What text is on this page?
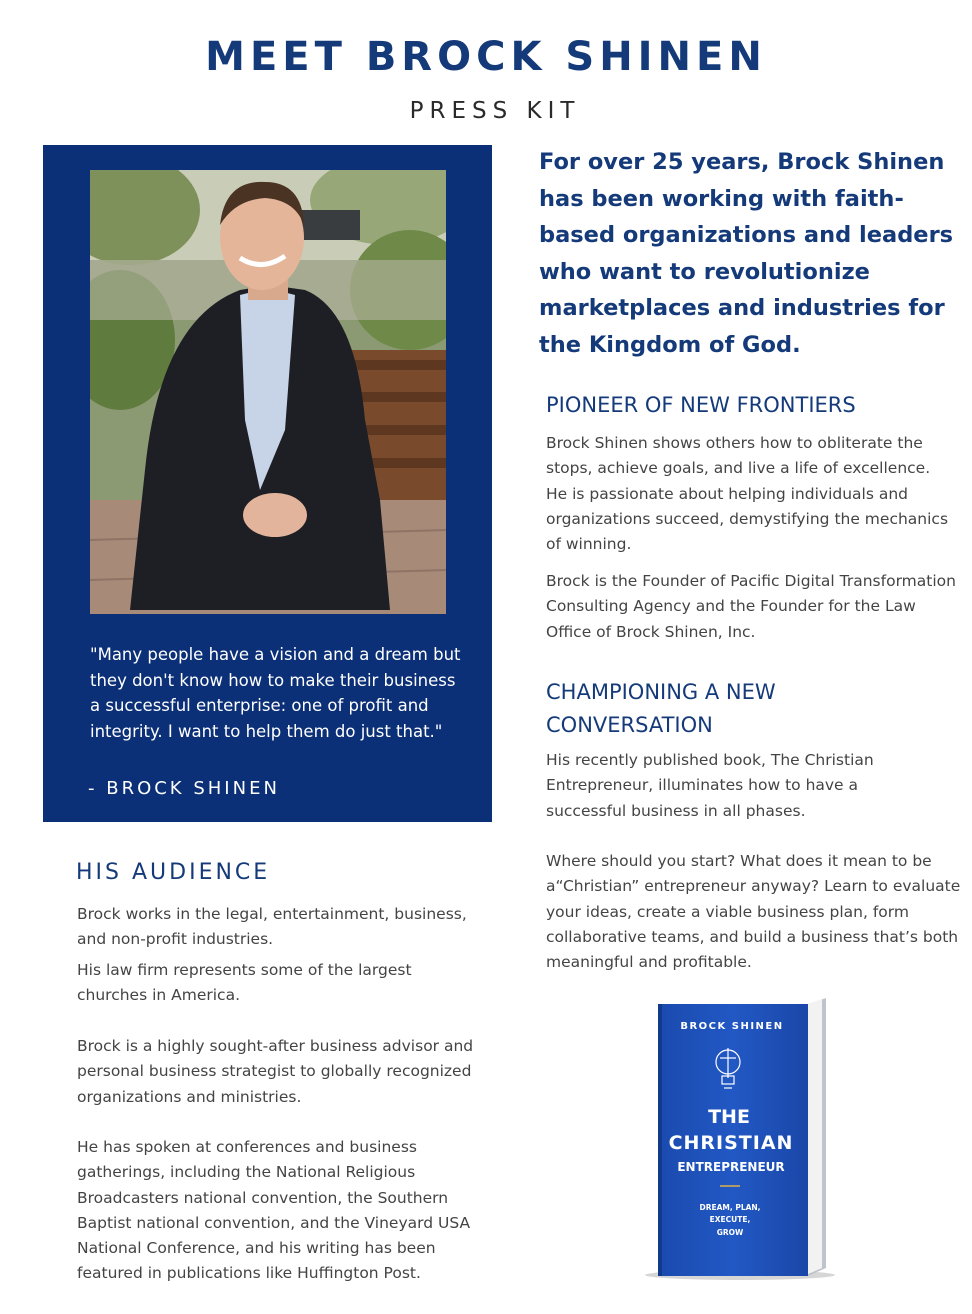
MEET BROCK SHINEN
PRESS KIT
"Many people have a vision and a dream but they don't know how to make their business a successful enterprise: one of profit and integrity. I want to help them do just that."
- BROCK SHINEN
For over 25 years, Brock Shinen has been working with faith-based organizations and leaders who want to revolutionize marketplaces and industries for the Kingdom of God.
PIONEER OF NEW FRONTIERS
Brock Shinen shows others how to obliterate the stops, achieve goals, and live a life of excellence. He is passionate about helping individuals and organizations succeed, demystifying the mechanics of winning.
Brock is the Founder of Pacific Digital Transformation Consulting Agency and the Founder for the Law Office of Brock Shinen, Inc.
CHAMPIONING A NEW
CONVERSATION
His recently published book, The Christian Entrepreneur, illuminates how to have a successful business in all phases.
Where should you start? What does it mean to be a“Christian” entrepreneur anyway? Learn to evaluate your ideas, create a viable business plan, form collaborative teams, and build a business that’s both meaningful and profitable.
HIS AUDIENCE
Brock works in the legal, entertainment, business, and non-profit industries.
His law firm represents some of the largest churches in America.
Brock is a highly sought-after business advisor and personal business strategist to globally recognized organizations and ministries.
He has spoken at conferences and business gatherings, including the National Religious Broadcasters national convention, the Southern Baptist national convention, and the Vineyard USA National Conference, and his writing has been featured in publications like Huffington Post.
BROCK SHINEN
THE
CHRISTIAN
ENTREPRENEUR
DREAM, PLAN,
EXECUTE,
GROW
